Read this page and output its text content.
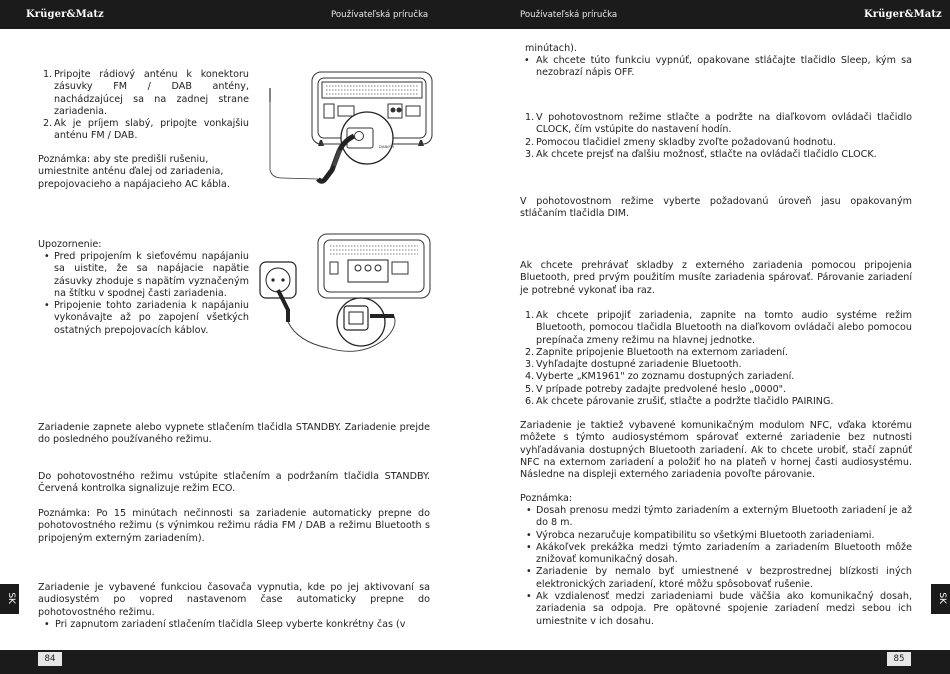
Krüger&Matz	Používateľská príručka	Používateľská príručka	Krüger&Matz
1. Pripojte rádiový anténu k konektoru zásuvky FM / DAB antény, nachádzajúcej sa na zadnej strane zariadenia.
2. Ak je príjem slabý, pripojte vonkajšiu anténu FM / DAB.
Poznámka: aby ste predišli rušeniu, umiestnite anténu ďalej od zariadenia, prepojovacieho a napájacieho AC kábla.
Upozornenie:
• Pred pripojením k sieťovému napájaniu sa uistite, že sa napájacie napätie zásuvky zhoduje s napätím vyznačeným na štítku v spodnej časti zariadenia.
• Pripojenie tohto zariadenia k napájaniu vykonávajte až po zapojení všetkých ostatných prepojovacích káblov.
DAB/FM
Zariadenie zapnete alebo vypnete stlačením tlačidla STANDBY. Zariadenie prejde do posledného používaného režimu.
Do pohotovostného režimu vstúpite stlačením a podržaním tlačidla STANDBY. Červená kontrolka signalizuje režim ECO.
Poznámka: Po 15 minútach nečinnosti sa zariadenie automaticky prepne do pohotovostného režimu (s výnimkou režimu rádia FM / DAB a režimu Bluetooth s pripojeným externým zariadením).
Zariadenie je vybavené funkciou časovača vypnutia, kde po jej aktivovaní sa audiosystém po vopred nastavenom čase automaticky prepne do pohotovostného režimu.
• Pri zapnutom zariadení stlačením tlačidla Sleep vyberte konkrétny čas (v
minútach).
• Ak chcete túto funkciu vypnúť, opakovane stláčajte tlačidlo Sleep, kým sa nezobrazí nápis OFF.
1. V pohotovostnom režime stlačte a podržte na diaľkovom ovládači tlačidlo CLOCK, čím vstúpite do nastavení hodín.
2. Pomocou tlačidiel zmeny skladby zvoľte požadovanú hodnotu.
3. Ak chcete prejsť na ďalšiu možnosť, stlačte na ovládači tlačidlo CLOCK.
V pohotovostnom režime vyberte požadovanú úroveň jasu opakovaným stláčaním tlačidla DIM.
Ak chcete prehrávať skladby z externého zariadenia pomocou pripojenia Bluetooth, pred prvým použitím musíte zariadenia spárovať. Párovanie zariadení je potrebné vykonať iba raz.
1. Ak chcete pripojiť zariadenia, zapnite na tomto audio systéme režim Bluetooth, pomocou tlačidla Bluetooth na diaľkovom ovládači alebo pomocou prepínača zmeny režimu na hlavnej jednotke.
2. Zapnite pripojenie Bluetooth na externom zariadení.
3. Vyhľadajte dostupné zariadenie Bluetooth.
4. Vyberte „KM1961" zo zoznamu dostupných zariadení.
5. V prípade potreby zadajte predvolené heslo „0000".
6. Ak chcete párovanie zrušiť, stlačte a podržte tlačidlo PAIRING.
Zariadenie je taktiež vybavené komunikačným modulom NFC, vďaka ktorému môžete s týmto audiosystémom spárovať externé zariadenie bez nutnosti vyhľadávania dostupných Bluetooth zariadení. Ak to chcete urobiť, stačí zapnúť NFC na externom zariadení a položiť ho na plateň v hornej časti audiosystému. Následne na displeji externého zariadenia povoľte párovanie.
Poznámka:
• Dosah prenosu medzi týmto zariadením a externým Bluetooth zariadení je až do 8 m.
• Výrobca nezaručuje kompatibilitu so všetkými Bluetooth zariadeniami.
• Akákoľvek prekážka medzi týmto zariadením a zariadením Bluetooth môže znižovať komunikačný dosah.
• Zariadenie by nemalo byť umiestnené v bezprostrednej blízkosti iných elektronických zariadení, ktoré môžu spôsobovať rušenie.
• Ak vzdialenosť medzi zariadeniami bude väčšia ako komunikačný dosah, zariadenia sa odpoja. Pre opätovné spojenie zariadení medzi sebou ich umiestnite v ich dosahu.
SK	SK
84	85
